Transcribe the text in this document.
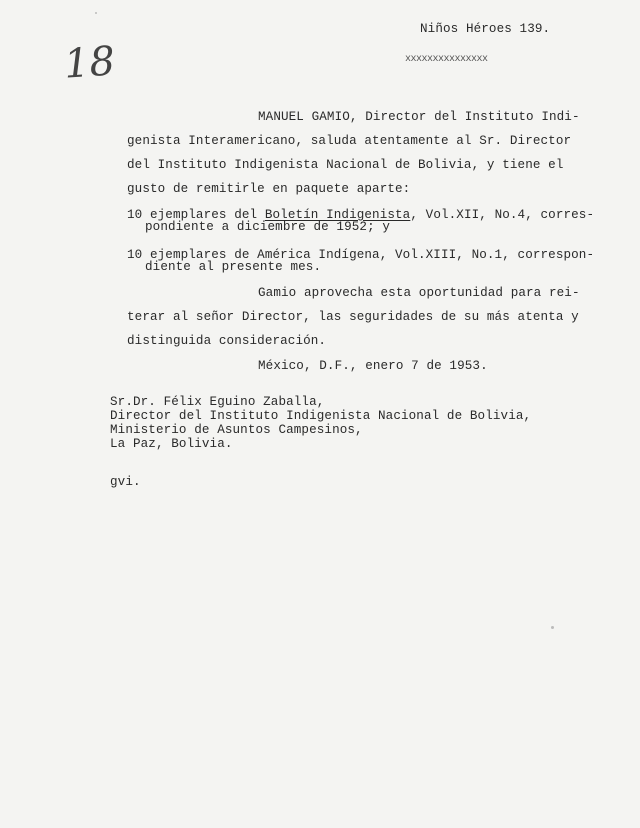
Niños Héroes 139.
xxxxxxxxxxxxxxx
18
MANUEL GAMIO, Director del Instituto Indi-
genista Interamericano, saluda atentamente al Sr. Director
del Instituto Indigenista Nacional de Bolivia, y tiene el
gusto de remitirle en paquete aparte:
10 ejemplares del Boletín Indigenista, Vol.XII, No.4, corres-
pondiente a diciembre de 1952; y
10 ejemplares de América Indígena, Vol.XIII, No.1, correspon-
diente al presente mes.
Gamio aprovecha esta oportunidad para rei-
terar al señor Director, las seguridades de su más atenta y
distinguida consideración.
México, D.F., enero 7 de 1953.
Sr.Dr. Félix Eguino Zaballa,
Director del Instituto Indigenista Nacional de Bolivia,
Ministerio de Asuntos Campesinos,
La Paz, Bolivia.
gvi.
